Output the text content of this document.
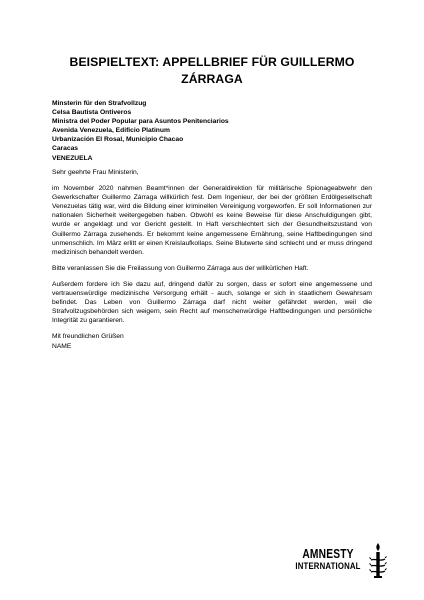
BEISPIELTEXT: APPELLBRIEF FÜR GUILLERMO
ZÁRRAGA
Minsterin für den Strafvollzug
Celsa Bautista Ontiveros
Ministra del Poder Popular para Asuntos Penitenciarios
Avenida Venezuela, Edificio Platinum
Urbanización El Rosal, Municipio Chacao
Caracas
VENEZUELA

Sehr geehrte Frau Ministerin,

im November 2020 nahmen Beamt*innen der Generaldirektion für militärische Spionageabwehr den Gewerkschafter Guillermo Zárraga willkürlich fest. Dem Ingenieur, der bei der größten Erdölgesellschaft Venezuelas tätig war, wird die Bildung einer kriminellen Vereinigung vorgeworfen. Er soll Informationen zur nationalen Sicherheit weitergegeben haben. Obwohl es keine Beweise für diese Anschuldigungen gibt, wurde er angeklagt und vor Gericht gestellt. In Haft verschlechtert sich der Gesundheitszustand von Guillermo Zárraga zusehends. Er bekommt keine angemessene Ernährung, seine Haftbedingungen sind unmenschlich. Im März erlitt er einen Kreislaufkollaps. Seine Blutwerte sind schlecht und er muss dringend medizinisch behandelt werden.

Bitte veranlassen Sie die Freilassung von Guillermo Zárraga aus der willkürlichen Haft.

Außerdem fordere ich Sie dazu auf, dringend dafür zu sorgen, dass er sofort eine angemessene und vertrauenswürdige medizinische Versorgung erhält - auch, solange er sich in staatlichem Gewahrsam befindet. Das Leben von Guillermo Zárraga darf nicht weiter gefährdet werden, weil die Strafvollzugsbehörden sich weigern, sein Recht auf menschenwürdige Haftbedingungen und persönliche Integrität zu garantieren.

Mit freundlichen Grüßen

NAME

AMNESTY
INTERNATIONAL
